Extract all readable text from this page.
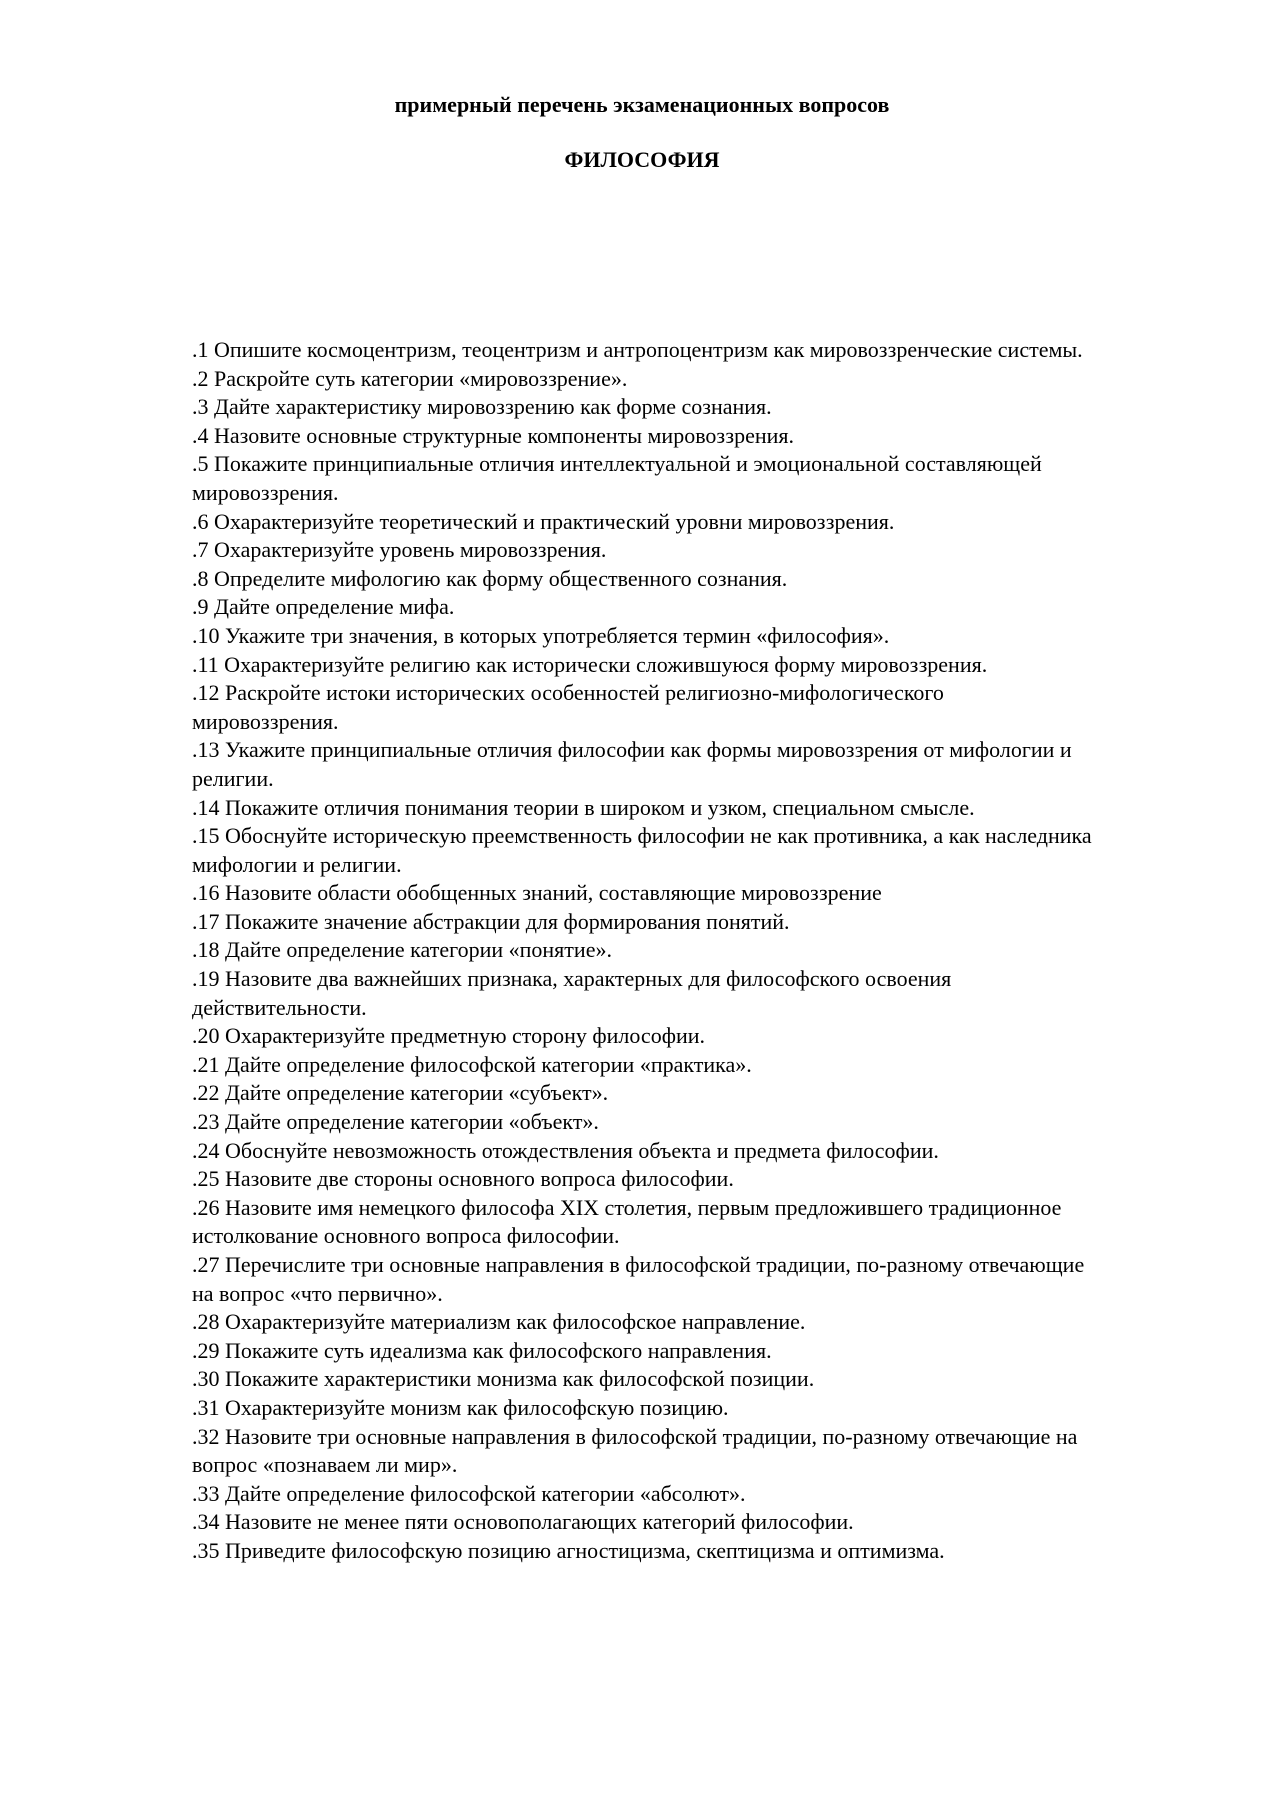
примерный перечень экзаменационных вопросов
ФИЛОСОФИЯ
.1 Опишите космоцентризм, теоцентризм и антропоцентризм как мировоззренческие системы.
.2 Раскройте суть категории «мировоззрение».
.3 Дайте характеристику мировоззрению как форме сознания.
.4 Назовите основные структурные компоненты мировоззрения.
.5 Покажите принципиальные отличия интеллектуальной и эмоциональной составляющей мировоззрения.
.6 Охарактеризуйте теоретический и практический уровни мировоззрения.
.7 Охарактеризуйте уровень мировоззрения.
.8 Определите мифологию как форму общественного сознания.
.9 Дайте определение мифа.
.10 Укажите три значения, в которых употребляется термин «философия».
.11 Охарактеризуйте религию как исторически сложившуюся форму мировоззрения.
.12 Раскройте истоки исторических особенностей религиозно-мифологического мировоззрения.
.13 Укажите принципиальные отличия философии как формы мировоззрения от мифологии и религии.
.14 Покажите отличия понимания теории в широком и узком, специальном смысле.
.15 Обоснуйте историческую преемственность философии не как противника, а как наследника мифологии и религии.
.16 Назовите области обобщенных знаний, составляющие мировоззрение
.17 Покажите значение абстракции для формирования понятий.
.18 Дайте определение категории «понятие».
.19 Назовите два важнейших признака, характерных для философского освоения действительности.
.20 Охарактеризуйте предметную сторону философии.
.21 Дайте определение философской категории «практика».
.22 Дайте определение категории «субъект».
.23 Дайте определение категории «объект».
.24 Обоснуйте невозможность отождествления объекта и предмета философии.
.25 Назовите две стороны основного вопроса философии.
.26 Назовите имя немецкого философа XIX столетия, первым предложившего традиционное истолкование основного вопроса философии.
.27 Перечислите три основные направления в философской традиции, по-разному отвечающие на вопрос «что первично».
.28 Охарактеризуйте материализм как философское направление.
.29 Покажите суть идеализма как философского направления.
.30 Покажите характеристики монизма как философской позиции.
.31 Охарактеризуйте монизм как философскую позицию.
.32 Назовите три основные направления в философской традиции, по-разному отвечающие на вопрос «познаваем ли мир».
.33 Дайте определение философской категории «абсолют».
.34 Назовите не менее пяти основополагающих категорий философии.
.35 Приведите философскую позицию агностицизма, скептицизма и оптимизма.
